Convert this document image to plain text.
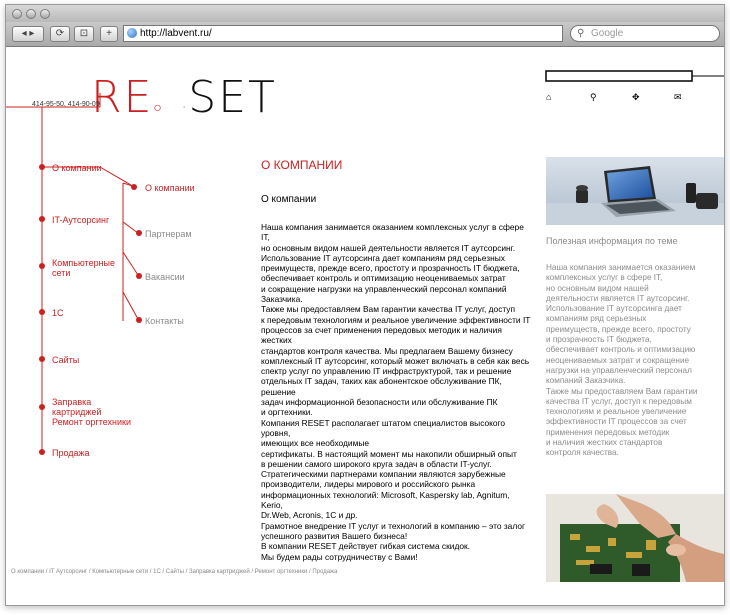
◂ ▸	⟳	⊡	+	http://labvent.ru/	⚲ Google
RE○ ·SET
414-95-50, 414-90-09
О компании
IT-Аутсорсинг
Компьютерные сети
1С
Сайты
Заправка картриджей Ремонт оргтехники
Продажа
О компании
Партнерам
Вакансии
Контакты
О КОМПАНИИ
О компании
Наша компания занимается оказанием комплексных услуг в сфере IT,
но основным видом нашей деятельности является IT аутсорсинг.
Использование IT аутсорсинга дает компаниям ряд серьезных
преимуществ, прежде всего, простоту и прозрачность IT бюджета,
обеспечивает контроль и оптимизацию неоцениваемых затрат
и сокращение нагрузки на управленческий персонал компаний
Заказчика.
Также мы предоставляем Вам гарантии качества IT услуг, доступ
к передовым технологиям и реальное увеличение эффективности IT
процессов за счет применения передовых методик и наличия жестких
стандартов контроля качества. Мы предлагаем Вашему бизнесу
комплексный IT аутсорсинг, который может включать в себя как весь
спектр услуг по управлению IT инфраструктурой, так и решение
отдельных IT задач, таких как абонентское обслуживание ПК, решение
задач информационной безопасности или обслуживание ПК
и оргтехники.
Компания RESET располагает штатом специалистов высокого уровня,
имеющих все необходимые
сертификаты. В настоящий момент мы накопили обширный опыт
в решении самого широкого круга задач в области IT-услуг.
Стратегическими партнерами компании являются зарубежные
производители, лидеры мирового и российского рынка
информационных технологий: Microsoft, Kaspersky lab, Agnitum, Kerio,
Dr.Web, Acronis, 1C и др.
Грамотное внедрение IT услуг и технологий в компанию – это залог
успешного развития Вашего бизнеса!
В компании RESET действует гибкая система скидок.
Мы будем рады сотрудничеству с Вами!
⌂	⚲	✥	✉
Полезная информация по теме
Наша компания занимается оказанием
комплексных услуг в сфере IT,
но основным видом нашей
деятельности является IT аутсорсинг.
Использование IT аутсорсинга дает
компаниям ряд серьезных
преимуществ, прежде всего, простоту
и прозрачность IT бюджета,
обеспечивает контроль и оптимизацию
неоцениваемых затрат и сокращение
нагрузки на управленческий персонал
компаний Заказчика.
Также мы предоставляем Вам гарантии
качества IT услуг, доступ к передовым
технологиям и реальное увеличение
эффективности IT процессов за счет
применения передовых методик
и наличия жестких стандартов
контроля качества.
О компании / IT Аутсорсинг / Компьютерные сети / 1С / Сайты / Заправка картриджей / Ремонт оргтехники / Продажа
